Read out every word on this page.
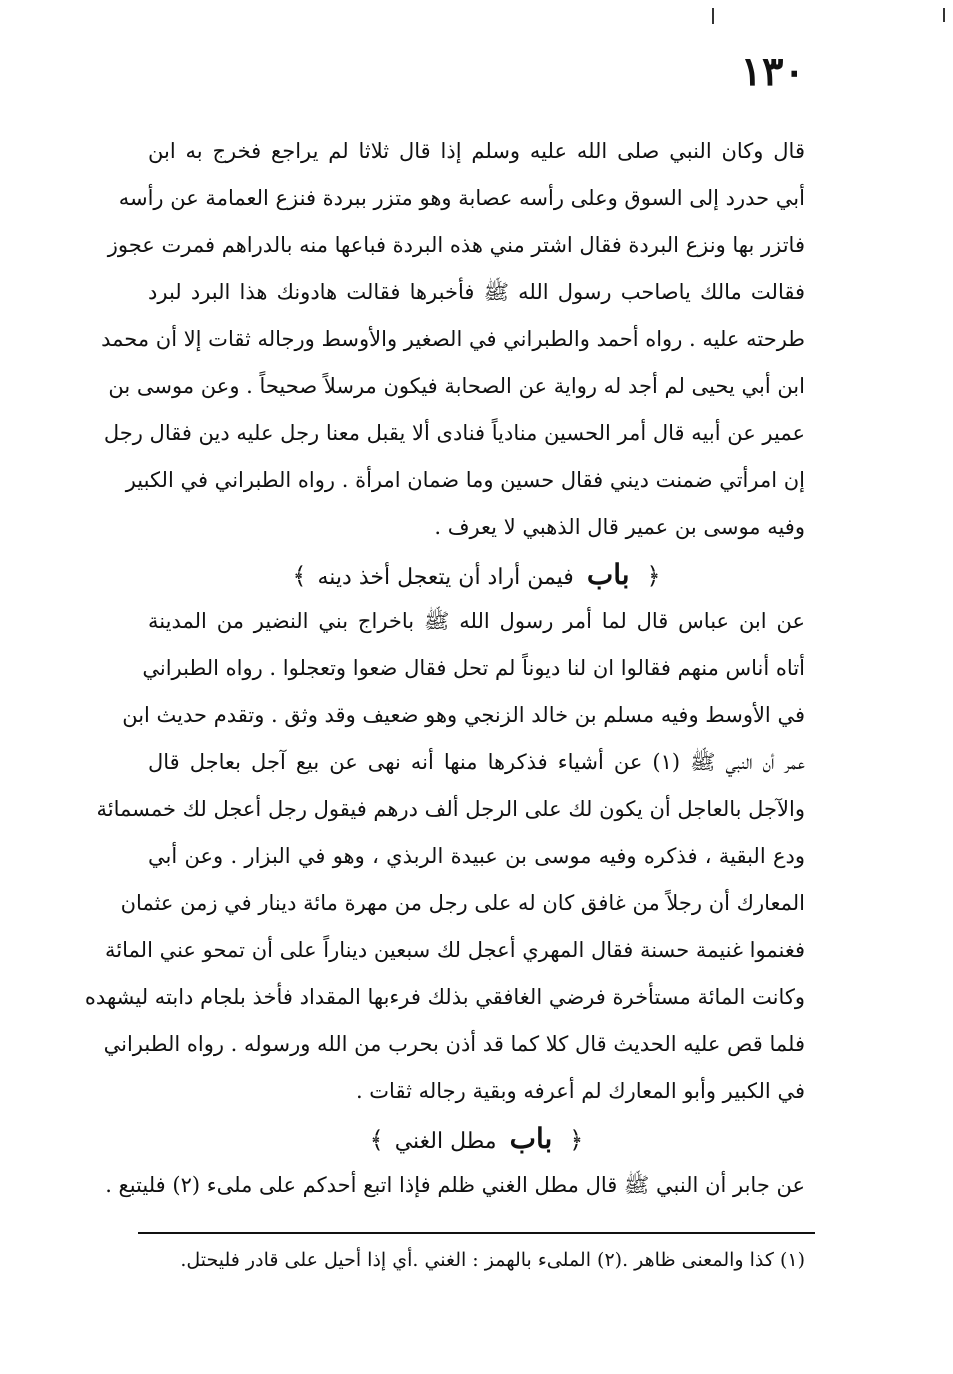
١٣٠
قال وكان النبي صلى الله عليه وسلم إذا قال ثلاثا لم يراجع فخرج به ابن
أبي حدرد إلى السوق وعلى رأسه عصابة وهو متزر ببردة فنزع العمامة عن رأسه
فاتزر بها ونزع البردة فقال اشتر مني هذه البردة فباعها منه بالدراهم فمرت عجوز
فقالت مالك ياصاحب رسول الله ﷺ فأخبرها فقالت هادونك هذا البرد لبرد
طرحته عليه . رواه أحمد والطبراني في الصغير والأوسط ورجاله ثقات إلا أن محمد
ابن أبي يحيى لم أجد له رواية عن الصحابة فيكون مرسلاً صحيحاً . وعن موسى بن
عمير عن أبيه قال أمر الحسين منادياً فنادى ألا يقبل معنا رجل عليه دين فقال رجل
إن امرأتي ضمنت ديني فقال حسين وما ضمان امرأة . رواه الطبراني في الكبير
وفيه موسى بن عمير قال الذهبي لا يعرف .
﴿ باب فيمن أراد أن يتعجل أخذ دينه ﴾
عن ابن عباس قال لما أمر رسول الله ﷺ باخراج بني النضير من المدينة
أتاه أناس منهم فقالوا ان لنا ديوناً لم تحل فقال ضعوا وتعجلوا . رواه الطبراني
في الأوسط وفيه مسلم بن خالد الزنجي وهو ضعيف وقد وثق . وتقدم حديث ابن
عمر أن النبي ﷺ (١) عن أشياء فذكرها منها أنه نهى عن بيع آجل بعاجل قال
والآجل بالعاجل أن يكون لك على الرجل ألف درهم فيقول رجل أعجل لك خمسمائة
ودع البقية ، فذكره وفيه موسى بن عبيدة الربذي ، وهو في البزار . وعن أبي
المعارك أن رجلاً من غافق كان له على رجل من مهرة مائة دينار في زمن عثمان
فغنموا غنيمة حسنة فقال المهري أعجل لك سبعين ديناراً على أن تمحو عني المائة
وكانت المائة مستأخرة فرضي الغافقي بذلك فرءبها المقداد فأخذ بلجام دابته ليشهده
فلما قص عليه الحديث قال كلا كما قد أذن بحرب من الله ورسوله . رواه الطبراني
في الكبير وأبو المعارك لم أعرفه وبقية رجاله ثقات .
﴿ باب مطل الغني ﴾
عن جابر أن النبي ﷺ قال مطل الغني ظلم فإذا اتبع أحدكم على ملىء (٢) فليتبع .
(١) كذا والمعنى ظاهر .(٢) الملىء بالهمز : الغني .أي إذا أحيل على قادر فليحتل.
